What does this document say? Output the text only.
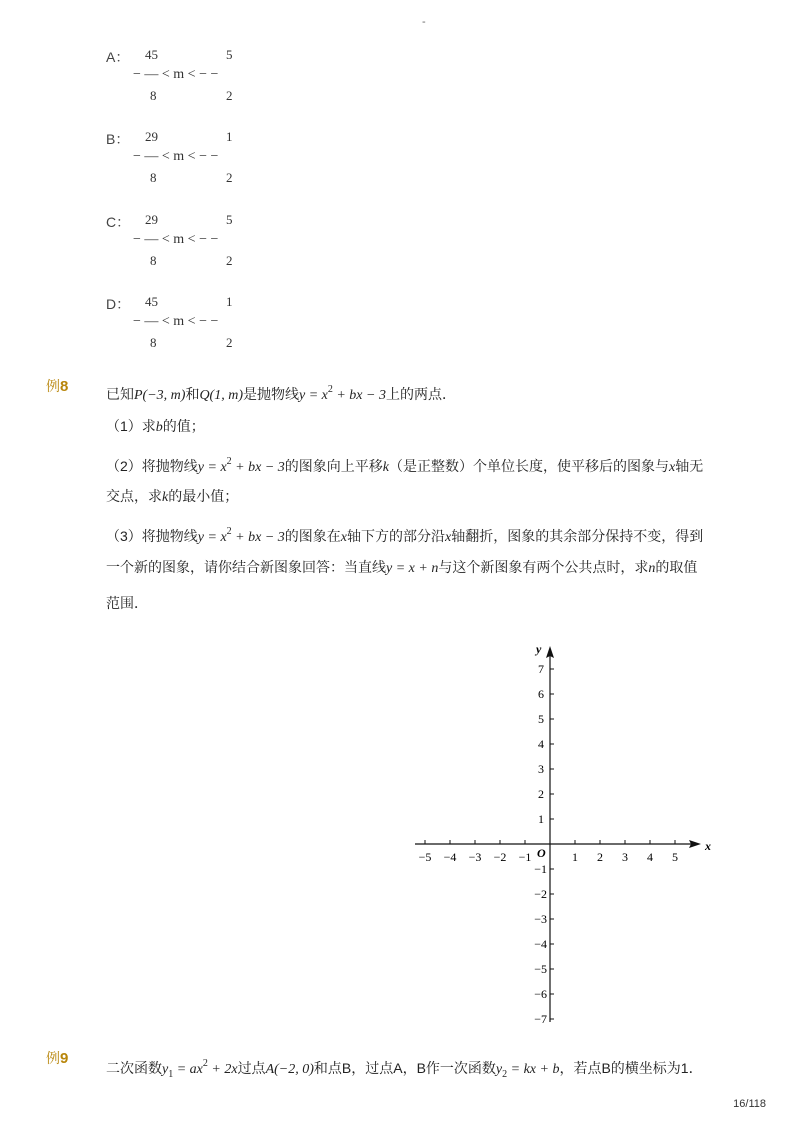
-
A： 45	5
− — < m < − −
8	2
B： 29	1
− — < m < − −
8	2
C： 29	5
− — < m < − −
8	2
D： 45	1
− — < m < − −
8	2
例8	已知P(−3, m)和Q(1, m)是抛物线$y = x^2$ + bx − 3上的两点．
（1）求b的值；
（2）将抛物线$y = x^2$ + bx − 3的图象向上平移k（是正整数）个单位长度，使平移后的图象与x轴无
交点，求k的最小值；
（3）将抛物线$y = x^2$ + bx − 3的图象在x轴下方的部分沿x轴翻折，图象的其余部分保持不变，得到
一个新的图象，请你结合新图象回答：当直线y = x + n与这个新图象有两个公共点时，求n的取值
范围．
−5 −4 −3 −2 −1	1 2 3 4 5
7
6
5
4
3
2
1
−1
−2
−3
−4
−5
−6
−7
x
y
O
例9
二次函数$y_1 = ax^2 + 2x$过点A(−2, 0)和点B，过点A，B作一次函数$y_2$ = kx + b，若点B的横坐标为1．
16/118
